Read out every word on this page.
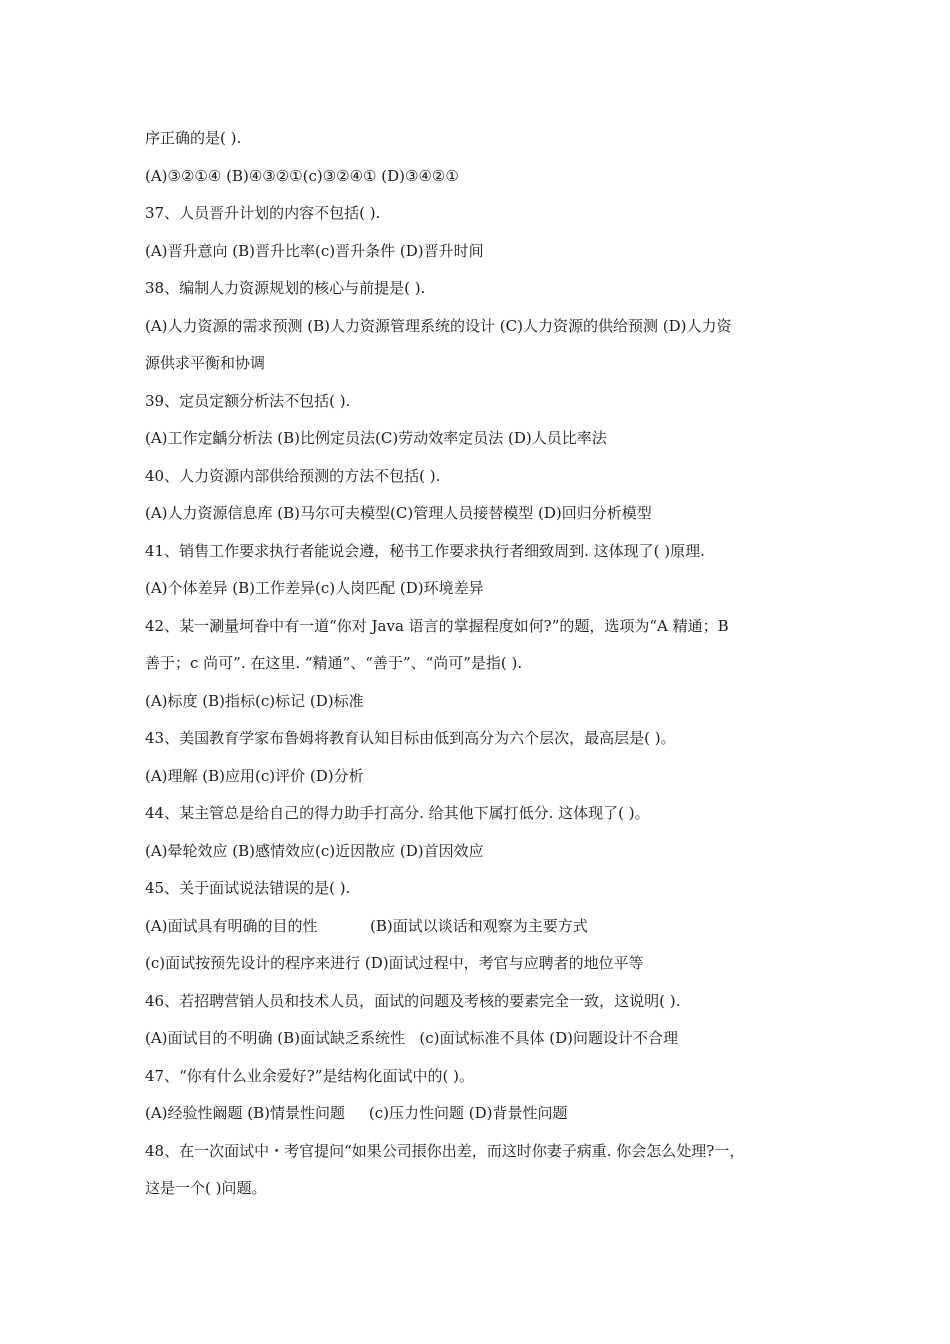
序正确的是( ).
(A)③②①④ (B)④③②①(c)③②④① (D)③④②①
37、人员晋升计划的内容不包括( ).
(A)晋升意向 (B)晋升比率(c)晋升条件 (D)晋升时间
38、编制人力资源规划的核心与前提是( ).
(A)人力资源的需求预测 (B)人力资源管理系统的设计 (C)人力资源的供给预测 (D)人力资
源供求平衡和协调
39、定员定额分析法不包括( ).
(A)工作定齲分析法 (B)比例定员法(C)劳动效率定员法 (D)人员比率法
40、人力资源内部供给预测的方法不包括( ).
(A)人力资源信息库 (B)马尔可夫模型(C)管理人员接替模型 (D)回归分析模型
41、销售工作要求执行者能说会遵，秘书工作要求执行者细致周到. 这体现了( )原理.
(A)个体差异 (B)工作差异(c)人岗匹配 (D)环境差异
42、某一涮量坷眷中有一道“你对 Java 语言的掌握程度如何?”的题，选项为“A 精通；B
善于；c 尚可”. 在这里. “精通”、“善于”、“尚可”是指( ).
(A)标度 (B)指标(c)标记 (D)标准
43、美国教育学家布鲁姆将教育认知目标由低到高分为六个层次，最高层是( )。
(A)理解 (B)应用(c)评价 (D)分析
44、某主管总是给自己的得力助手打高分. 给其他下属打低分. 这体现了( )。
(A)晕轮效应 (B)感情效应(c)近因散应 (D)首因效应
45、关于面试说法错误的是( ).
(A)面试具有明确的目的性           (B)面试以谈话和观察为主要方式
(c)面试按预先设计的程序来进行 (D)面试过程中，考官与应聘者的地位平等
46、若招聘营销人员和技术人员，面试的问题及考核的要素完全一致，这说明( ).
(A)面试目的不明确 (B)面试缺乏系统性   (c)面试标准不具体 (D)问题设计不合理
47、“你有什么业余爱好?”是结构化面试中的( )。
(A)经验性阚题 (B)情景性问题     (c)压力性问题 (D)背景性问题
48、在一次面试中・考官提问“如果公司掁你出差，而这时你妻子病重. 你会怎么处理?一，
这是一个( )问题。
